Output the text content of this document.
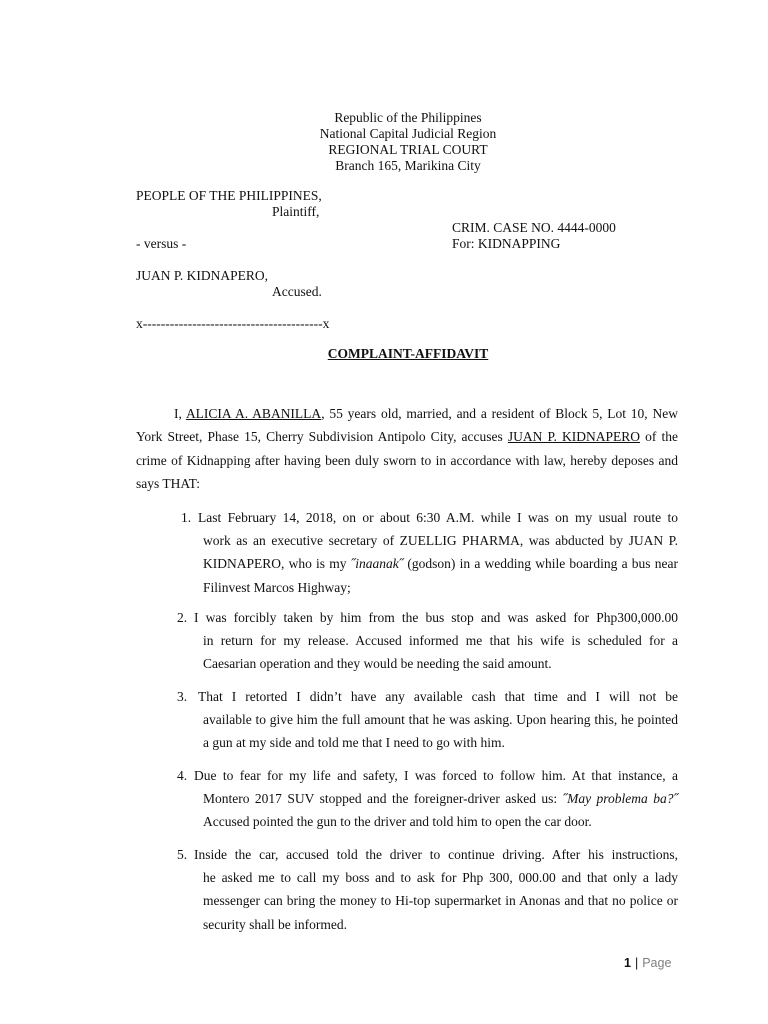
Republic of the Philippines
National Capital Judicial Region
REGIONAL TRIAL COURT
Branch 165, Marikina City
PEOPLE OF THE PHILIPPINES,
Plaintiff,
CRIM. CASE NO. 4444-0000
- versus -	For: KIDNAPPING
JUAN P. KIDNAPERO,
Accused.
x----------------------------------------x
COMPLAINT-AFFIDAVIT
I, ALICIA A. ABANILLA, 55 years old, married, and a resident of Block 5, Lot 10, New York Street, Phase 15, Cherry Subdivision Antipolo City, accuses JUAN P. KIDNAPERO of the crime of Kidnapping after having been duly sworn to in accordance with law, hereby deposes and says THAT:
1. Last February 14, 2018, on or about 6:30 A.M. while I was on my usual route to
work as an executive secretary of ZUELLIG PHARMA, was abducted by JUAN P. KIDNAPERO, who is my ˝inaanak˝ (godson) in a wedding while boarding a bus near Filinvest Marcos Highway;
2. I was forcibly taken by him from the bus stop and was asked for Php300,000.00
in return for my release. Accused informed me that his wife is scheduled for a Caesarian operation and they would be needing the said amount.
3. That I retorted I didn’t have any available cash that time and I will not be
available to give him the full amount that he was asking. Upon hearing this, he pointed a gun at my side and told me that I need to go with him.
4. Due to fear for my life and safety, I was forced to follow him. At that instance, a
Montero 2017 SUV stopped and the foreigner-driver asked us: ˝May problema ba?˝ Accused pointed the gun to the driver and told him to open the car door.
5. Inside the car, accused told the driver to continue driving. After his instructions,
he asked me to call my boss and to ask for Php 300, 000.00 and that only a lady messenger can bring the money to Hi-top supermarket in Anonas and that no police or security shall be informed.
1 | Page
